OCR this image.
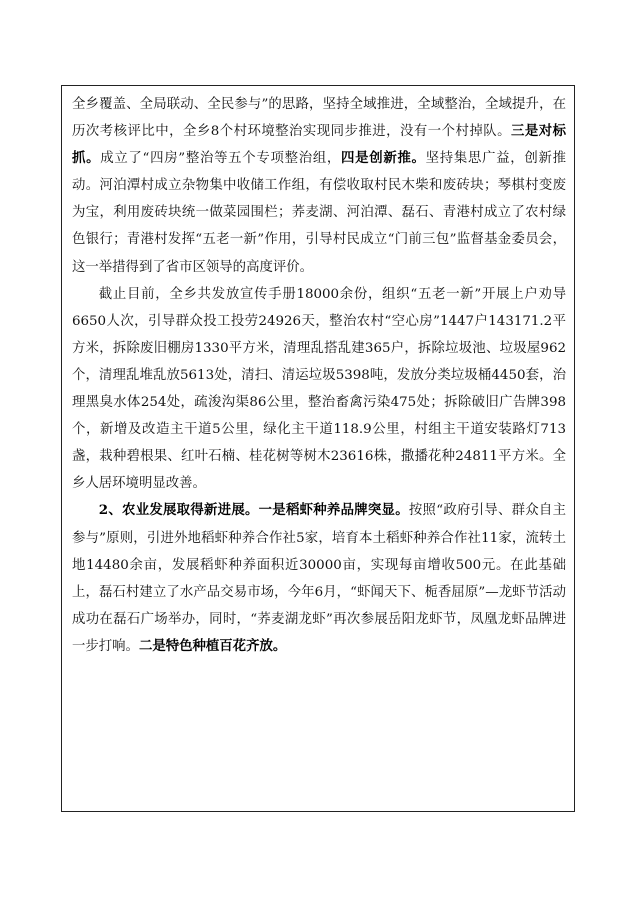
全乡覆盖、全局联动、全民参与”的思路，坚持全域推进，全域整治，全域提升，在历次考核评比中，全乡8个村环境整治实现同步推进，没有一个村掉队。三是对标抓。成立了“四房”整治等五个专项整治组，四是创新推。坚持集思广益，创新推动。河泊潭村成立杂物集中收储工作组，有偿收取村民木柴和废砖块；琴棋村变废为宝，利用废砖块统一做菜园围栏；荞麦湖、河泊潭、磊石、青港村成立了农村绿色银行；青港村发挥“五老一新”作用，引导村民成立“门前三包”监督基金委员会，这一举措得到了省市区领导的高度评价。

截止目前，全乡共发放宣传手册18000余份，组织“五老一新”开展上户劝导6650人次，引导群众投工投劳24926天，整治农村“空心房”1447户143171.2平方米，拆除废旧棚房1330平方米，清理乱搭乱建365户，拆除垃圾池、垃圾屋962个，清理乱堆乱放5613处，清扫、清运垃圾5398吨，发放分类垃圾桶4450套，治理黑臭水体254处，疏浚沟渠86公里，整治畜禽污染475处；拆除破旧广告牌398个，新增及改造主干道5公里，绿化主干道118.9公里，村组主干道安装路灯713盏，栽种碧根果、红叶石楠、桂花树等树木23616株，撒播花种24811平方米。全乡人居环境明显改善。

2、农业发展取得新进展。一是稻虾种养品牌突显。按照“政府引导、群众自主参与”原则，引进外地稻虾种养合作社5家，培育本土稻虾种养合作社11家，流转土地14480余亩，发展稻虾种养面积近30000亩，实现每亩增收500元。在此基础上，磊石村建立了水产品交易市场，今年6月，“虾闻天下、栀香屈原”—龙虾节活动成功在磊石广场举办，同时，“荞麦湖龙虾”再次参展岳阳龙虾节，凤凰龙虾品牌进一步打响。二是特色种植百花齐放。
